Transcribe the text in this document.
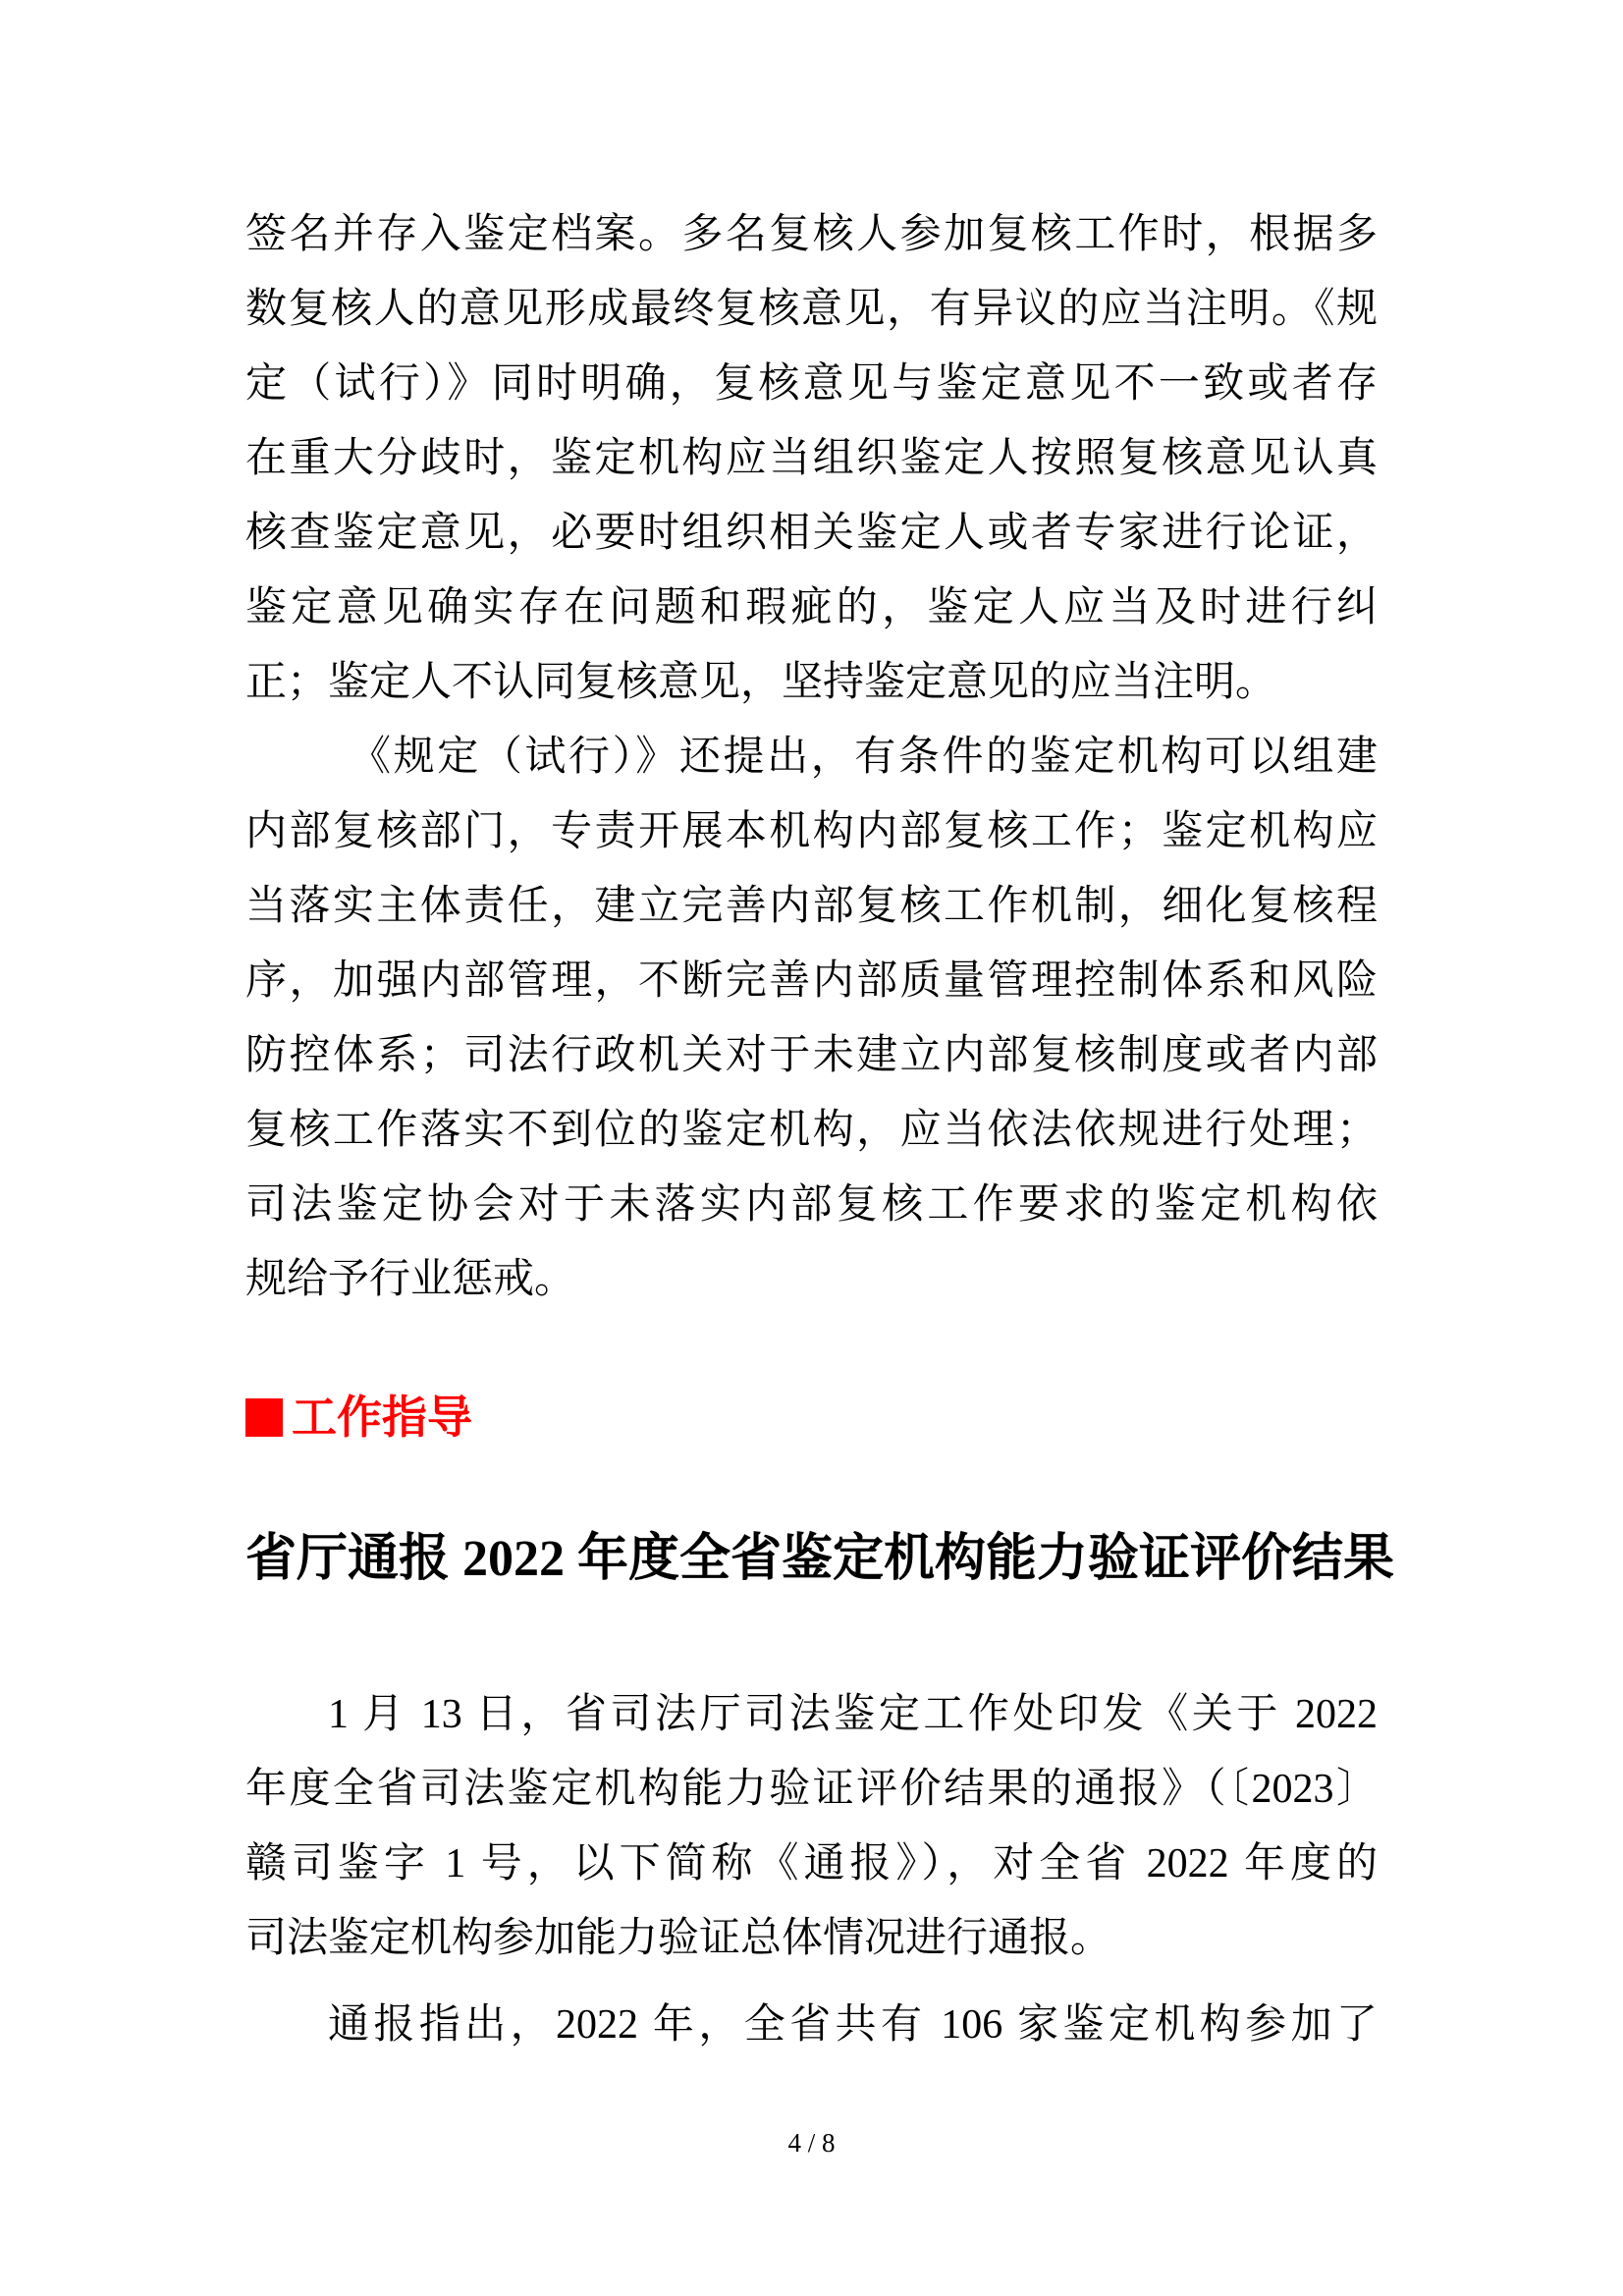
签名并存入鉴定档案。多名复核人参加复核工作时，根据多
数复核人的意见形成最终复核意见，有异议的应当注明。《规
定（试行）》同时明确，复核意见与鉴定意见不一致或者存
在重大分歧时，鉴定机构应当组织鉴定人按照复核意见认真
核查鉴定意见，必要时组织相关鉴定人或者专家进行论证，
鉴定意见确实存在问题和瑕疵的，鉴定人应当及时进行纠
正；鉴定人不认同复核意见，坚持鉴定意见的应当注明。
《规定（试行）》还提出，有条件的鉴定机构可以组建
内部复核部门，专责开展本机构内部复核工作；鉴定机构应
当落实主体责任，建立完善内部复核工作机制，细化复核程
序，加强内部管理，不断完善内部质量管理控制体系和风险
防控体系；司法行政机关对于未建立内部复核制度或者内部
复核工作落实不到位的鉴定机构，应当依法依规进行处理；
司法鉴定协会对于未落实内部复核工作要求的鉴定机构依
规给予行业惩戒。
工作指导
省厅通报 2022 年度全省鉴定机构能力验证评价结果
1 月 13 日，省司法厅司法鉴定工作处印发《关于 2022
年度全省司法鉴定机构能力验证评价结果的通报》（〔2023〕
赣司鉴字 1 号，以下简称《通报》），对全省 2022 年度的
司法鉴定机构参加能力验证总体情况进行通报。
通报指出，2022 年，全省共有 106 家鉴定机构参加了
4 / 8
